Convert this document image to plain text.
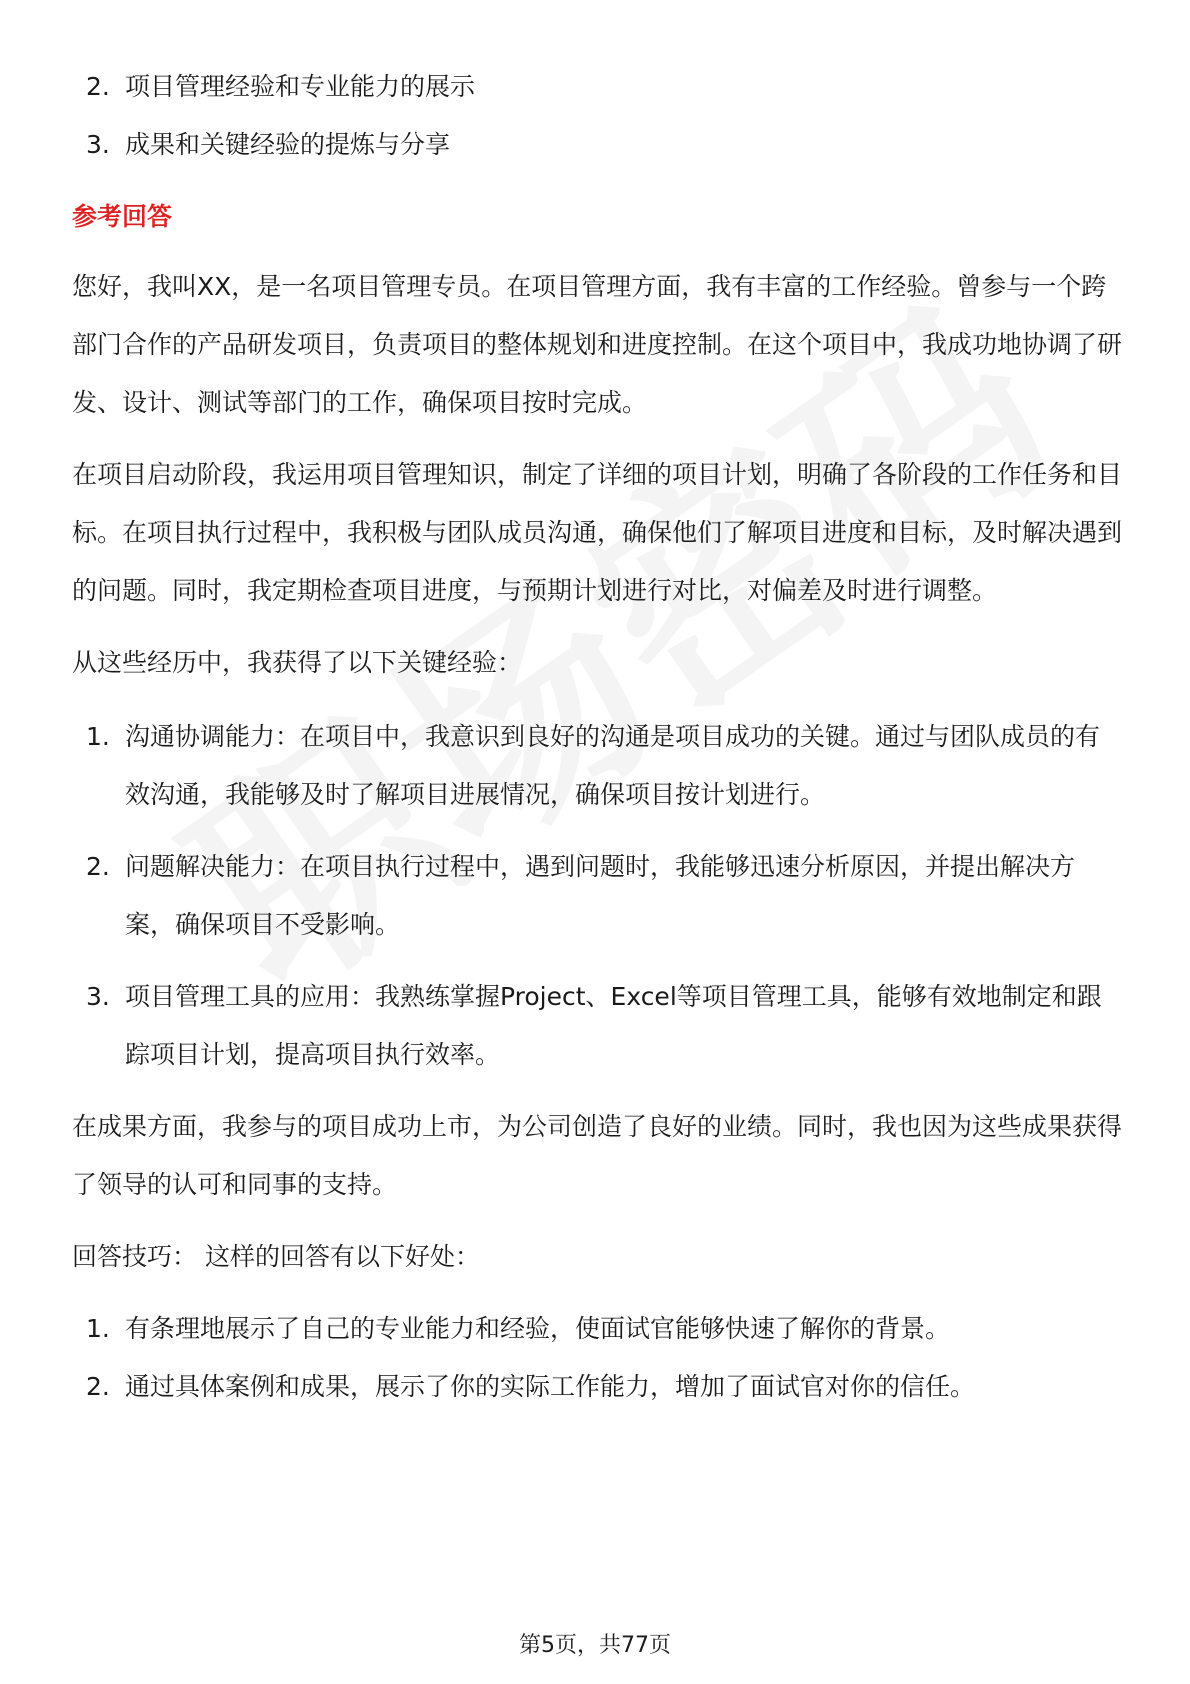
2. 项目管理经验和专业能力的展示
3. 成果和关键经验的提炼与分享
参考回答
您好，我叫XX，是一名项目管理专员。在项目管理方面，我有丰富的工作经验。曾参与一个跨部门合作的产品研发项目，负责项目的整体规划和进度控制。在这个项目中，我成功地协调了研发、设计、测试等部门的工作，确保项目按时完成。
在项目启动阶段，我运用项目管理知识，制定了详细的项目计划，明确了各阶段的工作任务和目标。在项目执行过程中，我积极与团队成员沟通，确保他们了解项目进度和目标，及时解决遇到的问题。同时，我定期检查项目进度，与预期计划进行对比，对偏差及时进行调整。
从这些经历中，我获得了以下关键经验：
1. 沟通协调能力：在项目中，我意识到良好的沟通是项目成功的关键。通过与团队成员的有效沟通，我能够及时了解项目进展情况，确保项目按计划进行。
2. 问题解决能力：在项目执行过程中，遇到问题时，我能够迅速分析原因，并提出解决方案，确保项目不受影响。
3. 项目管理工具的应用：我熟练掌握Project、Excel等项目管理工具，能够有效地制定和跟踪项目计划，提高项目执行效率。
在成果方面，我参与的项目成功上市，为公司创造了良好的业绩。同时，我也因为这些成果获得了领导的认可和同事的支持。
回答技巧： 这样的回答有以下好处：
1. 有条理地展示了自己的专业能力和经验，使面试官能够快速了解你的背景。
2. 通过具体案例和成果，展示了你的实际工作能力，增加了面试官对你的信任。
第5页，共77页
